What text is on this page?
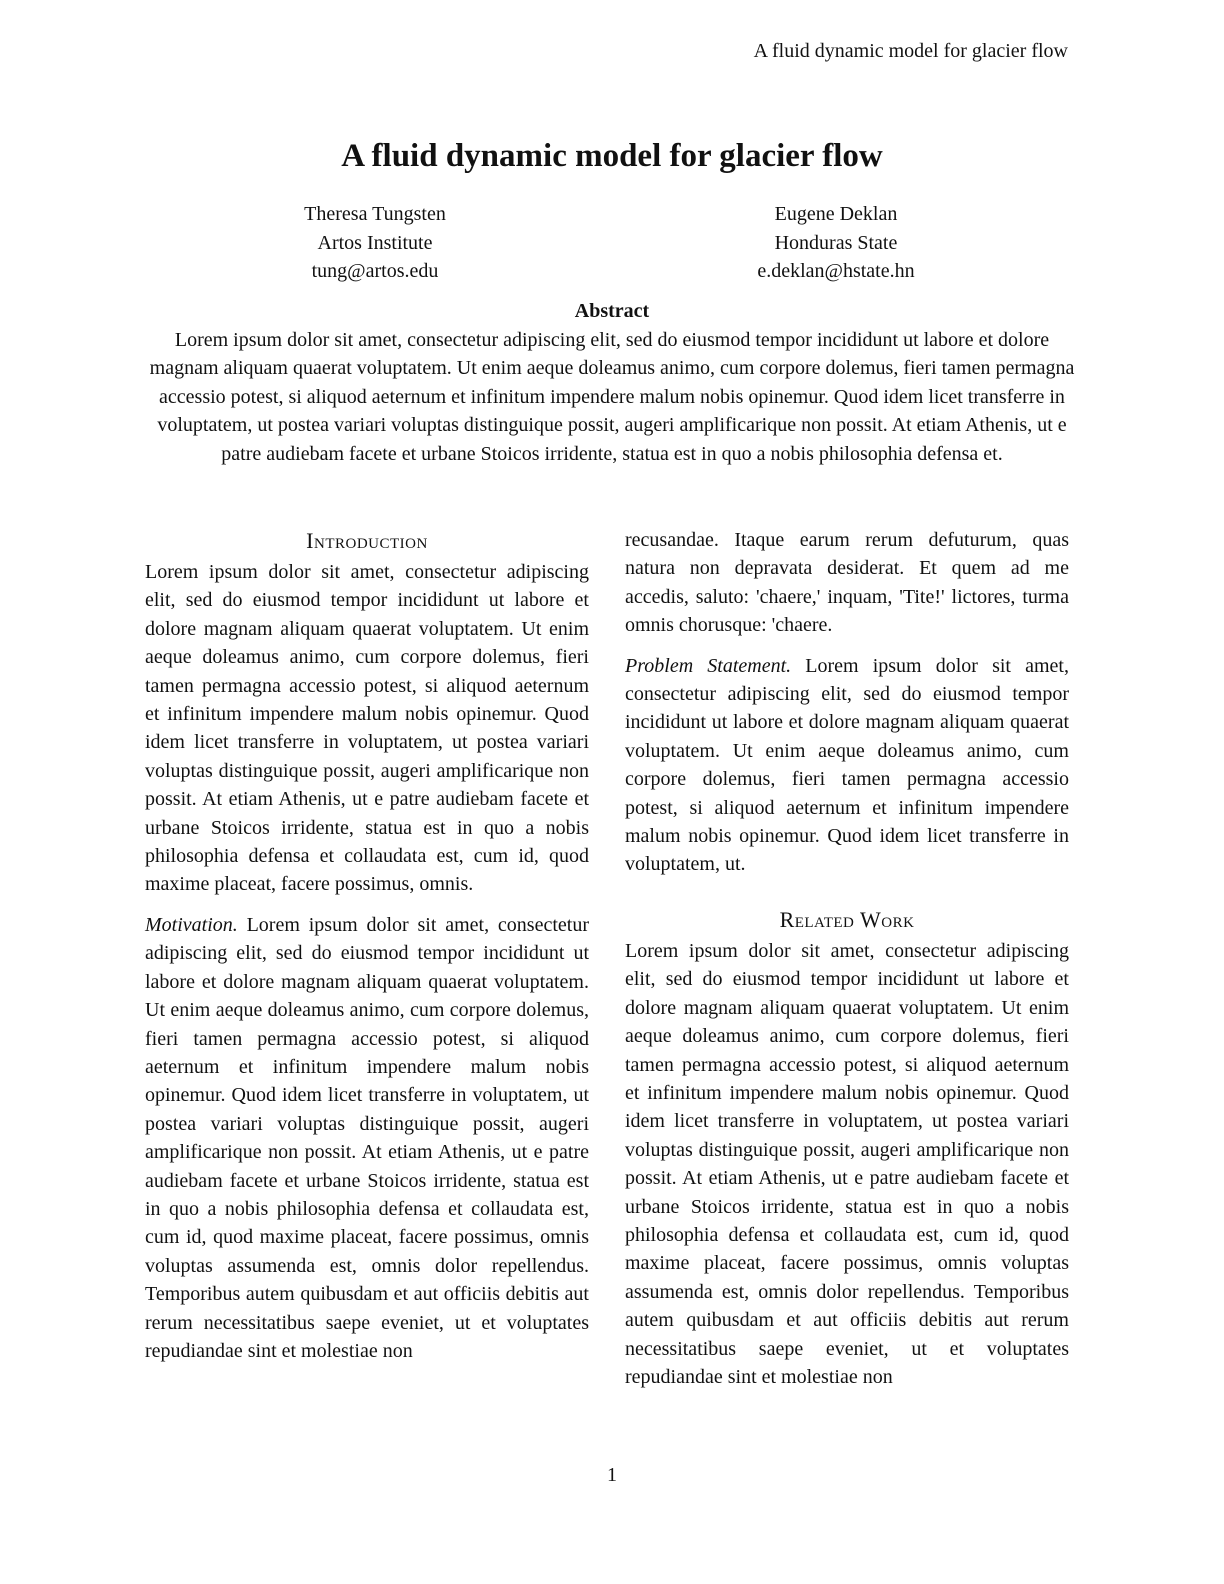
A fluid dynamic model for glacier flow
A fluid dynamic model for glacier flow
Theresa Tungsten
Artos Institute
tung@artos.edu
Eugene Deklan
Honduras State
e.deklan@hstate.hn

Abstract

Lorem ipsum dolor sit amet, consectetur adipiscing elit, sed do eiusmod tempor incididunt ut labore et dolore magnam aliquam quaerat voluptatem. Ut enim aeque doleamus animo, cum corpore dolemus, fieri tamen permagna accessio potest, si aliquod aeternum et infinitum impendere malum nobis opinemur. Quod idem licet transferre in voluptatem, ut postea variari voluptas distinguique possit, augeri amplificarique non possit. At etiam Athenis, ut e patre audiebam facete et urbane Stoicos irridente, statua est in quo a nobis philosophia defensa et.

Introduction

Lorem ipsum dolor sit amet, consectetur adipiscing elit, sed do eiusmod tempor incididunt ut labore et dolore magnam aliquam quaerat voluptatem. Ut enim aeque doleamus animo, cum corpore dolemus, fieri tamen permagna accessio potest, si aliquod aeternum et infinitum impendere malum nobis opinemur. Quod idem licet transferre in voluptatem, ut postea variari voluptas distinguique possit, augeri amplificarique non possit. At etiam Athenis, ut e patre audiebam facete et urbane Stoicos irridente, statua est in quo a nobis philosophia defensa et collaudata est, cum id, quod maxime placeat, facere possimus, omnis.

Motivation. Lorem ipsum dolor sit amet, consectetur adipiscing elit, sed do eiusmod tempor incididunt ut labore et dolore magnam aliquam quaerat voluptatem. Ut enim aeque doleamus animo, cum corpore dolemus, fieri tamen permagna accessio potest, si aliquod aeternum et infinitum impendere malum nobis opinemur. Quod idem licet transferre in voluptatem, ut postea variari voluptas distinguique possit, augeri amplificarique non possit. At etiam Athenis, ut e patre audiebam facete et urbane Stoicos irridente, statua est in quo a nobis philosophia defensa et collaudata est, cum id, quod maxime placeat, facere possimus, omnis voluptas assumenda est, omnis dolor repellendus. Temporibus autem quibusdam et aut officiis debitis aut rerum necessitatibus saepe eveniet, ut et voluptates repudiandae sint et molestiae non

recusandae. Itaque earum rerum defuturum, quas natura non depravata desiderat. Et quem ad me accedis, saluto: 'chaere,' inquam, 'Tite!' lictores, turma omnis chorusque: 'chaere.

Problem Statement. Lorem ipsum dolor sit amet, consectetur adipiscing elit, sed do eiusmod tempor incididunt ut labore et dolore magnam aliquam quaerat voluptatem. Ut enim aeque doleamus animo, cum corpore dolemus, fieri tamen permagna accessio potest, si aliquod aeternum et infinitum impendere malum nobis opinemur. Quod idem licet transferre in voluptatem, ut.

Related Work

Lorem ipsum dolor sit amet, consectetur adipiscing elit, sed do eiusmod tempor incididunt ut labore et dolore magnam aliquam quaerat voluptatem. Ut enim aeque doleamus animo, cum corpore dolemus, fieri tamen permagna accessio potest, si aliquod aeternum et infinitum impendere malum nobis opinemur. Quod idem licet transferre in voluptatem, ut postea variari voluptas distinguique possit, augeri amplificarique non possit. At etiam Athenis, ut e patre audiebam facete et urbane Stoicos irridente, statua est in quo a nobis philosophia defensa et collaudata est, cum id, quod maxime placeat, facere possimus, omnis voluptas assumenda est, omnis dolor repellendus. Temporibus autem quibusdam et aut officiis debitis aut rerum necessitatibus saepe eveniet, ut et voluptates repudiandae sint et molestiae non

1
